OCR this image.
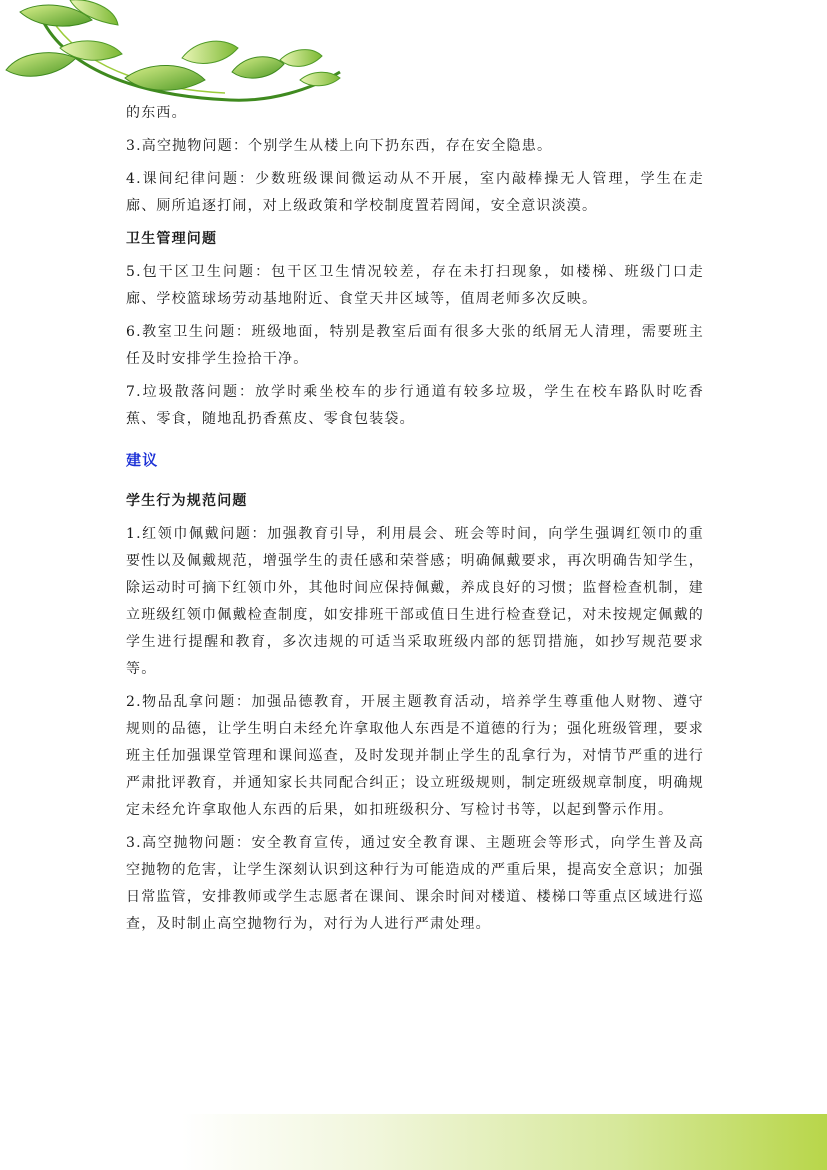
的东西。

3.高空抛物问题：个别学生从楼上向下扔东西，存在安全隐患。

4.课间纪律问题：少数班级课间微运动从不开展，室内敲棒操无人管理，学生在走廊、厕所追逐打闹，对上级政策和学校制度置若罔闻，安全意识淡漠。

卫生管理问题

5.包干区卫生问题：包干区卫生情况较差，存在未打扫现象，如楼梯、班级门口走廊、学校篮球场劳动基地附近、食堂天井区域等，值周老师多次反映。

6.教室卫生问题：班级地面，特别是教室后面有很多大张的纸屑无人清理，需要班主任及时安排学生捡拾干净。

7.垃圾散落问题：放学时乘坐校车的步行通道有较多垃圾，学生在校车路队时吃香蕉、零食，随地乱扔香蕉皮、零食包装袋。

建议
学生行为规范问题

1.红领巾佩戴问题：加强教育引导，利用晨会、班会等时间，向学生强调红领巾的重要性以及佩戴规范，增强学生的责任感和荣誉感；明确佩戴要求，再次明确告知学生，除运动时可摘下红领巾外，其他时间应保持佩戴，养成良好的习惯；监督检查机制，建立班级红领巾佩戴检查制度，如安排班干部或值日生进行检查登记，对未按规定佩戴的学生进行提醒和教育，多次违规的可适当采取班级内部的惩罚措施，如抄写规范要求等。

2.物品乱拿问题：加强品德教育，开展主题教育活动，培养学生尊重他人财物、遵守规则的品德，让学生明白未经允许拿取他人东西是不道德的行为；强化班级管理，要求班主任加强课堂管理和课间巡查，及时发现并制止学生的乱拿行为，对情节严重的进行严肃批评教育，并通知家长共同配合纠正；设立班级规则，制定班级规章制度，明确规定未经允许拿取他人东西的后果，如扣班级积分、写检讨书等，以起到警示作用。

3.高空抛物问题：安全教育宣传，通过安全教育课、主题班会等形式，向学生普及高空抛物的危害，让学生深刻认识到这种行为可能造成的严重后果，提高安全意识；加强日常监管，安排教师或学生志愿者在课间、课余时间对楼道、楼梯口等重点区域进行巡查，及时制止高空抛物行为，对行为人进行严肃处理。
